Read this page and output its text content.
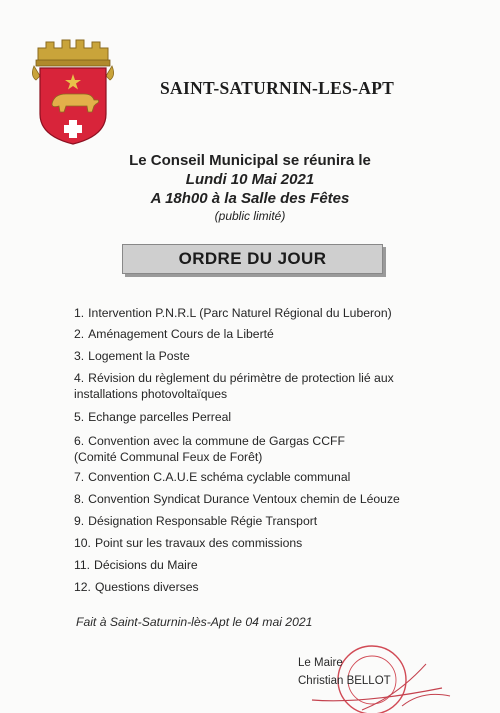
SAINT-SATURNIN-LES-APT
Le Conseil Municipal se réunira le
Lundi 10 Mai 2021
A 18h00 à la Salle des Fêtes
(public limité)
ORDRE DU JOUR
1. Intervention P.N.R.L (Parc Naturel Régional du Luberon)
2. Aménagement Cours de la Liberté
3. Logement la Poste
4. Révision du règlement du périmètre de protection lié aux
installations photovoltaïques
5. Echange parcelles Perreal
6. Convention avec la commune de Gargas CCFF
(Comité Communal Feux de Forêt)
7. Convention C.A.U.E schéma cyclable communal
8. Convention Syndicat Durance Ventoux chemin de Léouze
9. Désignation Responsable Régie Transport
10. Point sur les travaux des commissions
11. Décisions du Maire
12. Questions diverses
Fait à Saint-Saturnin-lès-Apt le 04 mai 2021
Le Maire
Christian BELLOT
